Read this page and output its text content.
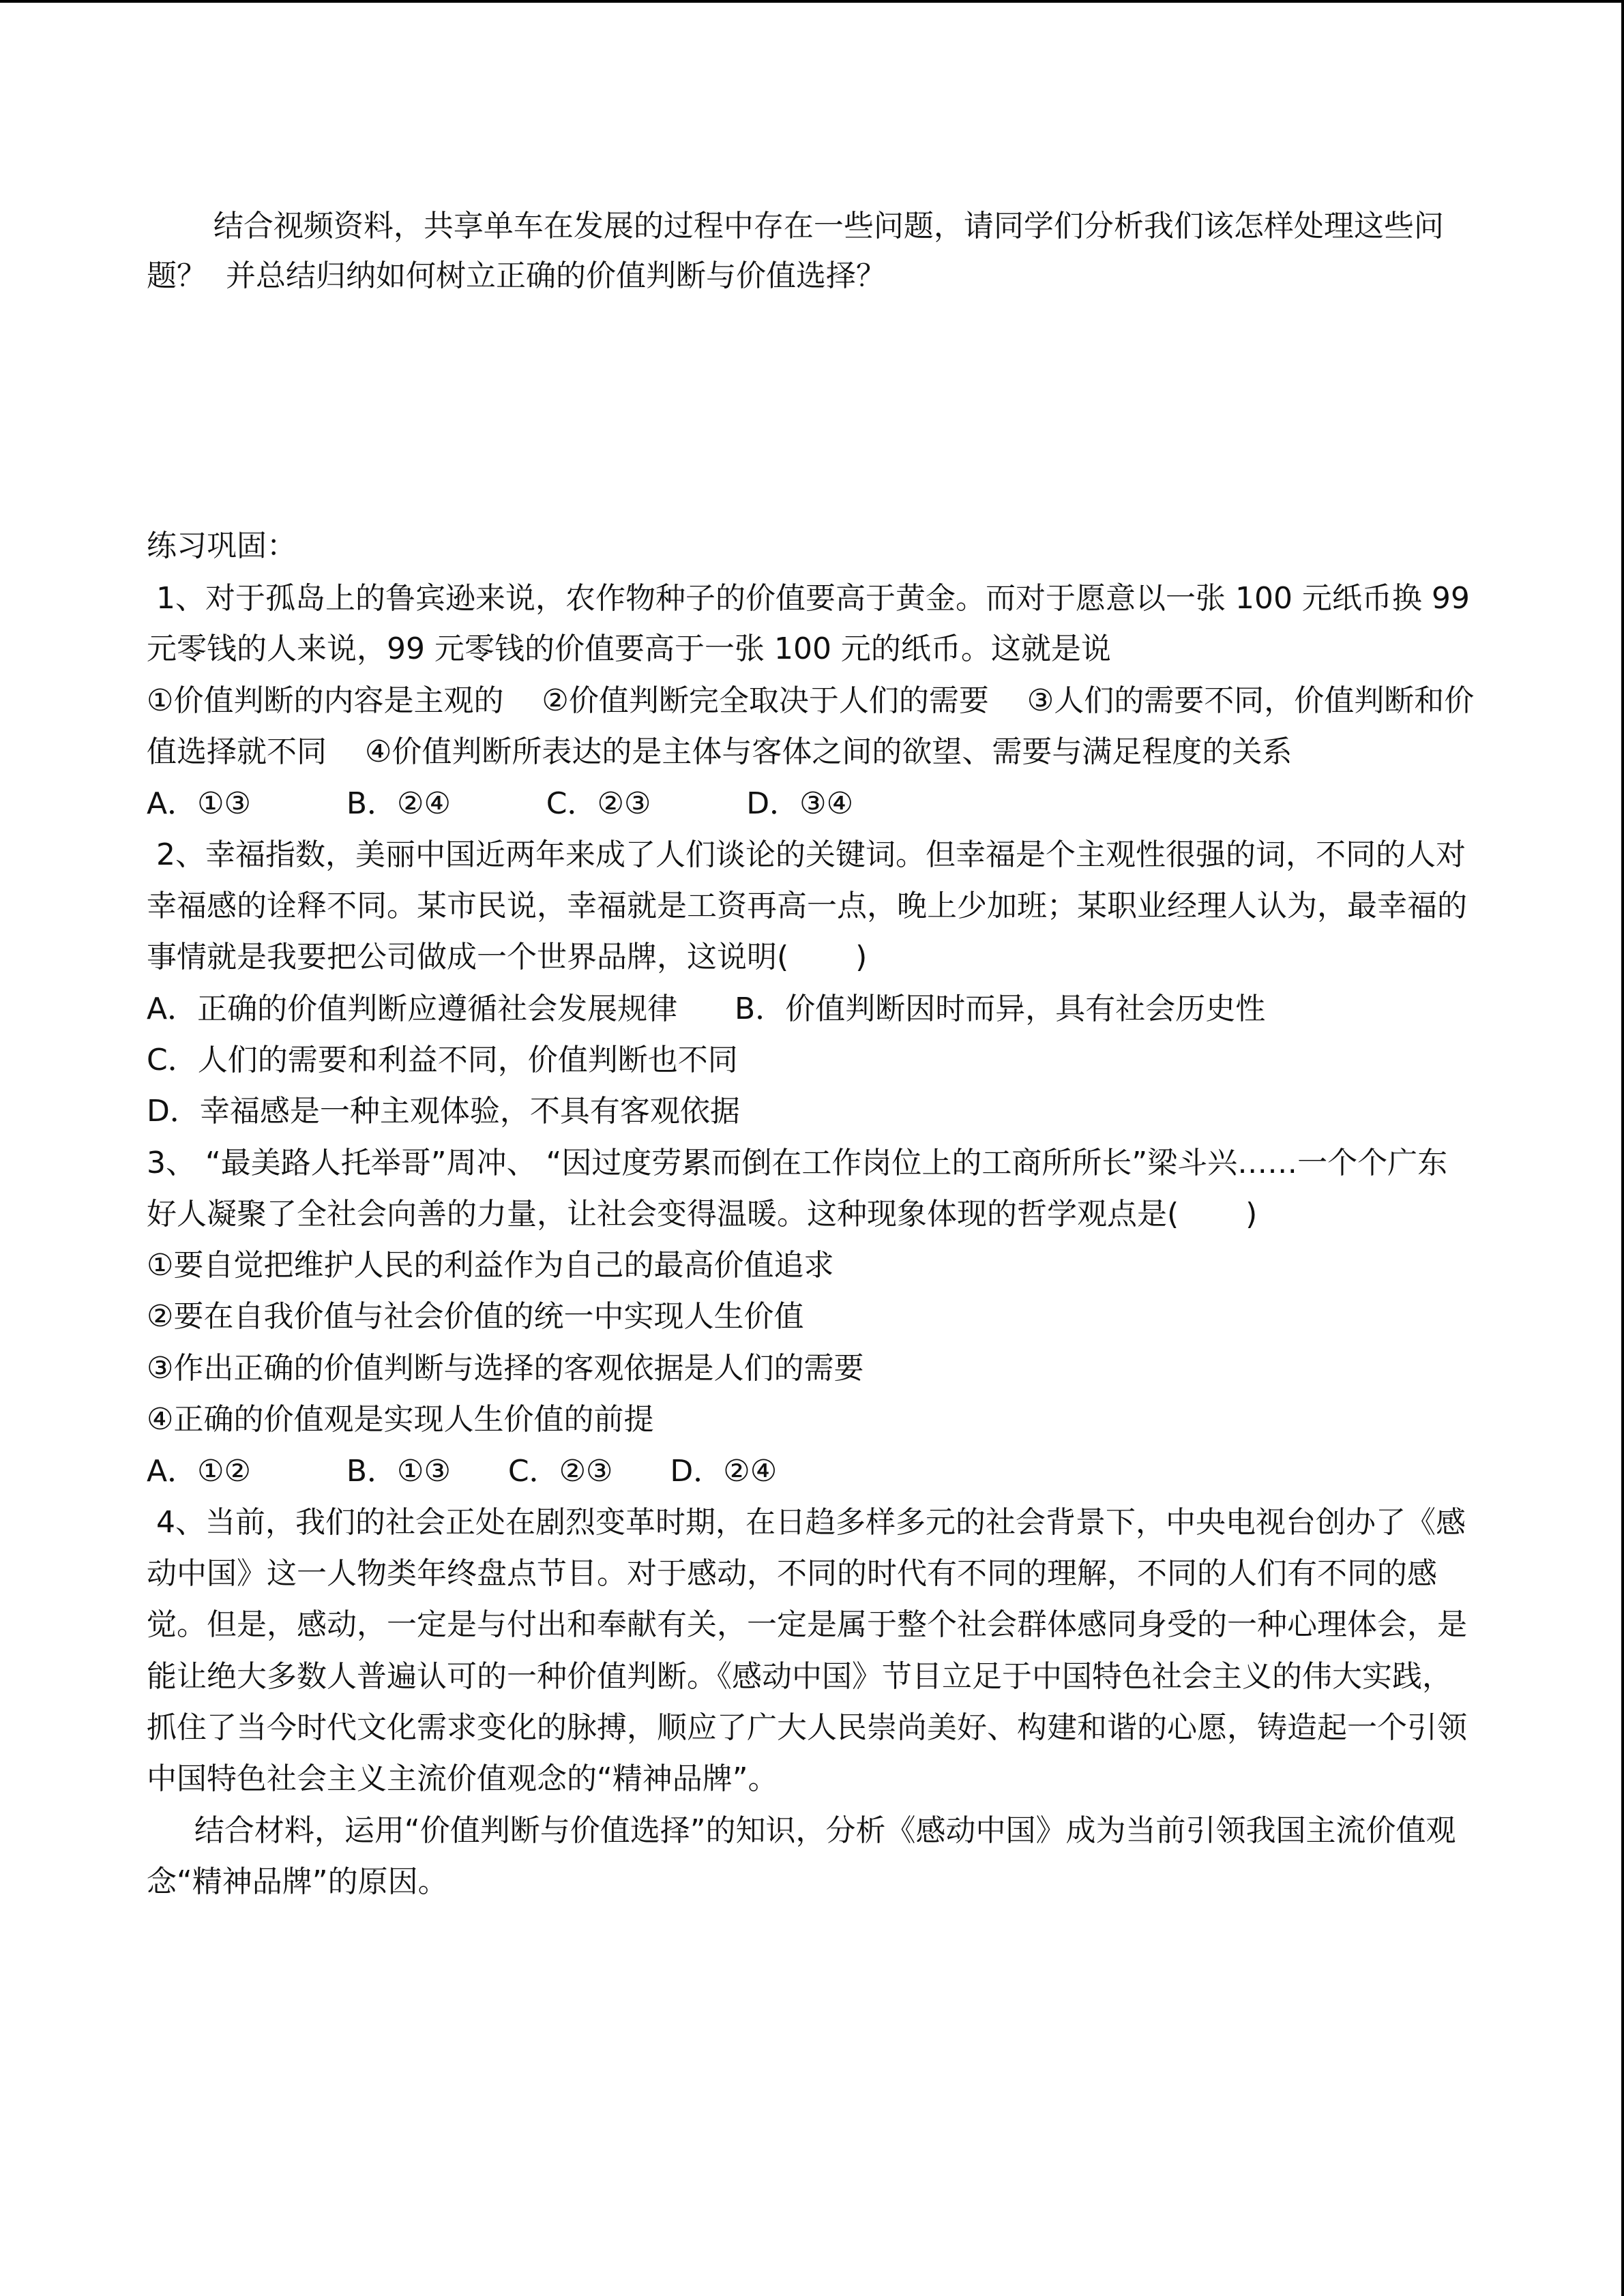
结合视频资料，共享单车在发展的过程中存在一些问题，请同学们分析我们该怎样处理这些问

题？  并总结归纳如何树立正确的价值判断与价值选择？

练习巩固：

1、对于孤岛上的鲁宾逊来说，农作物种子的价值要高于黄金。而对于愿意以一张 100 元纸币换 99

元零钱的人来说，99 元零钱的价值要高于一张 100 元的纸币。这就是说

①价值判断的内容是主观的    ②价值判断完全取决于人们的需要    ③人们的需要不同，价值判断和价

值选择就不同    ④价值判断所表达的是主体与客体之间的欲望、需要与满足程度的关系

A．①③          B．②④          C．②③          D．③④

2、幸福指数，美丽中国近两年来成了人们谈论的关键词。但幸福是个主观性很强的词，不同的人对

幸福感的诠释不同。某市民说，幸福就是工资再高一点，晚上少加班；某职业经理人认为，最幸福的

事情就是我要把公司做成一个世界品牌，这说明(       )

A．正确的价值判断应遵循社会发展规律      B．价值判断因时而异，具有社会历史性

C．人们的需要和利益不同，价值判断也不同

D．幸福感是一种主观体验，不具有客观依据

3、 “最美路人托举哥”周冲、 “因过度劳累而倒在工作岗位上的工商所所长”梁斗兴……一个个广东

好人凝聚了全社会向善的力量，让社会变得温暖。这种现象体现的哲学观点是(       )

①要自觉把维护人民的利益作为自己的最高价值追求

②要在自我价值与社会价值的统一中实现人生价值

③作出正确的价值判断与选择的客观依据是人们的需要

④正确的价值观是实现人生价值的前提

A．①②          B．①③      C．②③      D．②④

4、当前，我们的社会正处在剧烈变革时期，在日趋多样多元的社会背景下，中央电视台创办了《感

动中国》这一人物类年终盘点节目。对于感动，不同的时代有不同的理解，不同的人们有不同的感

觉。但是，感动，一定是与付出和奉献有关，一定是属于整个社会群体感同身受的一种心理体会，是

能让绝大多数人普遍认可的一种价值判断。《感动中国》节目立足于中国特色社会主义的伟大实践，

抓住了当今时代文化需求变化的脉搏，顺应了广大人民崇尚美好、构建和谐的心愿，铸造起一个引领

中国特色社会主义主流价值观念的“精神品牌”。

结合材料，运用“价值判断与价值选择”的知识，分析《感动中国》成为当前引领我国主流价值观

念“精神品牌”的原因。
